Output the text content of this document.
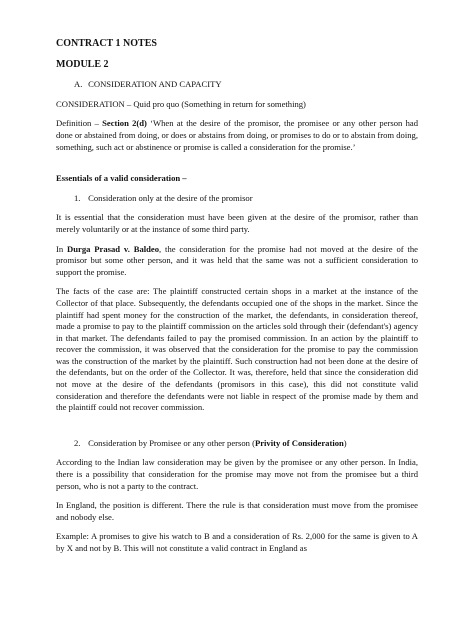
CONTRACT 1 NOTES
MODULE 2
A. CONSIDERATION AND CAPACITY

CONSIDERATION – Quid pro quo (Something in return for something)

Definition – Section 2(d) ‘When at the desire of the promisor, the promisee or any other person had done or abstained from doing, or does or abstains from doing, or promises to do or to abstain from doing, something, such act or abstinence or promise is called a consideration for the promise.’

Essentials of a valid consideration –
1. Consideration only at the desire of the promisor

It is essential that the consideration must have been given at the desire of the promisor, rather than merely voluntarily or at the instance of some third party.

In Durga Prasad v. Baldeo, the consideration for the promise had not moved at the desire of the promisor but some other person, and it was held that the same was not a sufficient consideration to support the promise.

The facts of the case are: The plaintiff constructed certain shops in a market at the instance of the Collector of that place. Subsequently, the defendants occupied one of the shops in the market. Since the plaintiff had spent money for the construction of the market, the defendants, in consideration thereof, made a promise to pay to the plaintiff commission on the articles sold through their (defendant's) agency in that market. The defendants failed to pay the promised commission. In an action by the plaintiff to recover the commission, it was observed that the consideration for the promise to pay the commission was the construction of the market by the plaintiff. Such construction had not been done at the desire of the defendants, but on the order of the Collector. It was, therefore, held that since the consideration did not move at the desire of the defendants (promisors in this case), this did not constitute valid consideration and therefore the defendants were not liable in respect of the promise made by them and the plaintiff could not recover commission.

2. Consideration by Promisee or any other person (Privity of Consideration)

According to the Indian law consideration may be given by the promisee or any other person. In India, there is a possibility that consideration for the promise may move not from the promisee but a third person, who is not a party to the contract.

In England, the position is different. There the rule is that consideration must move from the promisee and nobody else.

Example: A promises to give his watch to B and a consideration of Rs. 2,000 for the same is given to A by X and not by B. This will not constitute a valid contract in England as
